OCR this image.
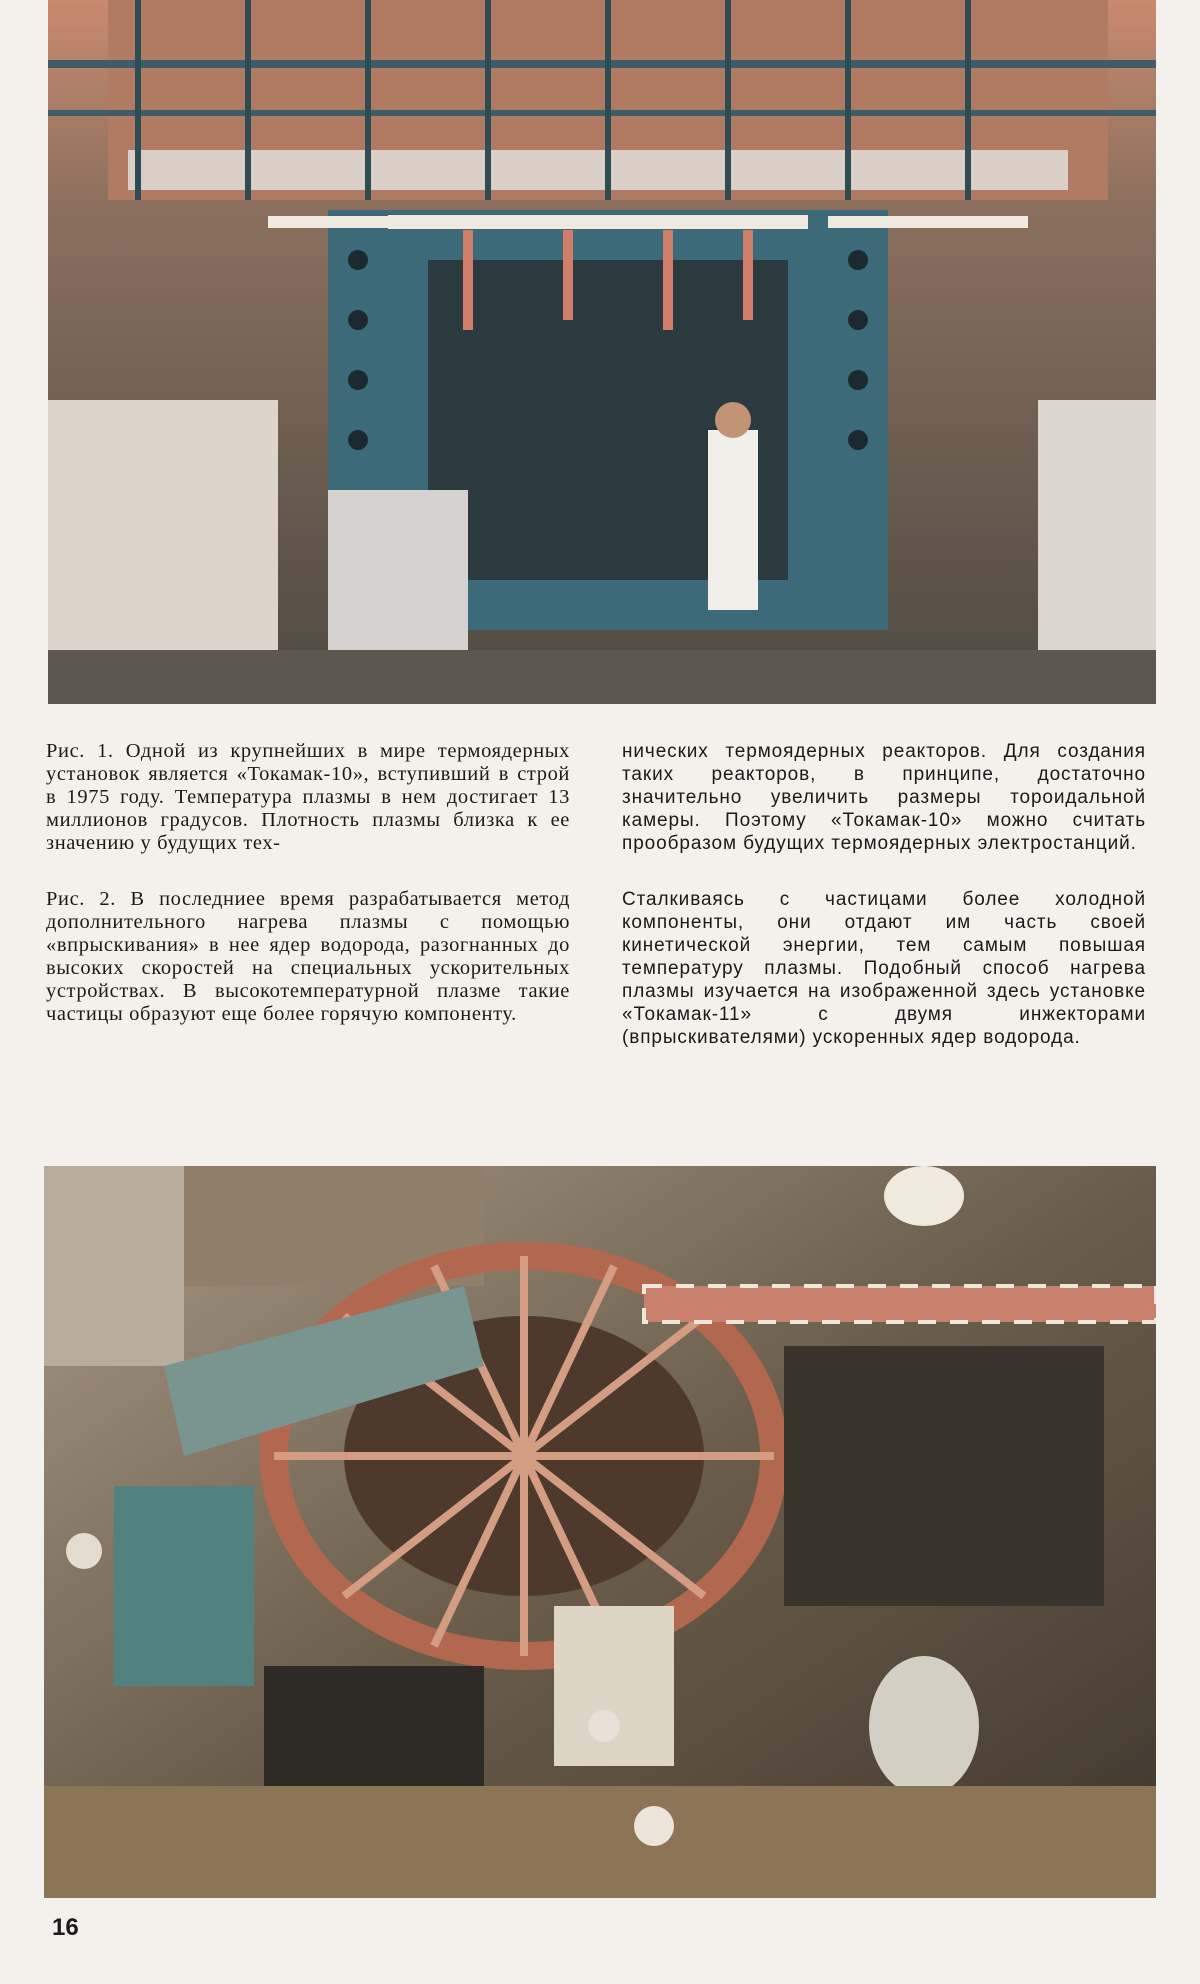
Рис. 1. Одной из крупнейших в мире термоядерных установок является «Токамак-10», вступивший в строй в 1975 году. Температура плазмы в нем достигает 13 миллионов градусов. Плотность плазмы близка к ее значению у будущих тех-

Рис. 2. В последниее время разрабатывается метод дополнительного нагрева плазмы с помощью «впрыскивания» в нее ядер водорода, разогнанных до высоких скоростей на специальных ускорительных устройствах. В высокотемпературной плазме такие частицы образуют еще более горячую компоненту.

нических термоядерных реакторов. Для создания таких реакторов, в принципе, достаточно значительно увеличить размеры тороидальной камеры. Поэтому «Токамак-10» можно считать прообразом будущих термоядерных электростанций.

Сталкиваясь с частицами более холодной компоненты, они отдают им часть своей кинетической энергии, тем самым повышая температуру плазмы. Подобный способ нагрева плазмы изучается на изображенной здесь установке «Токамак-11» с двумя инжекторами (впрыскивателями) ускоренных ядер водорода.

16
